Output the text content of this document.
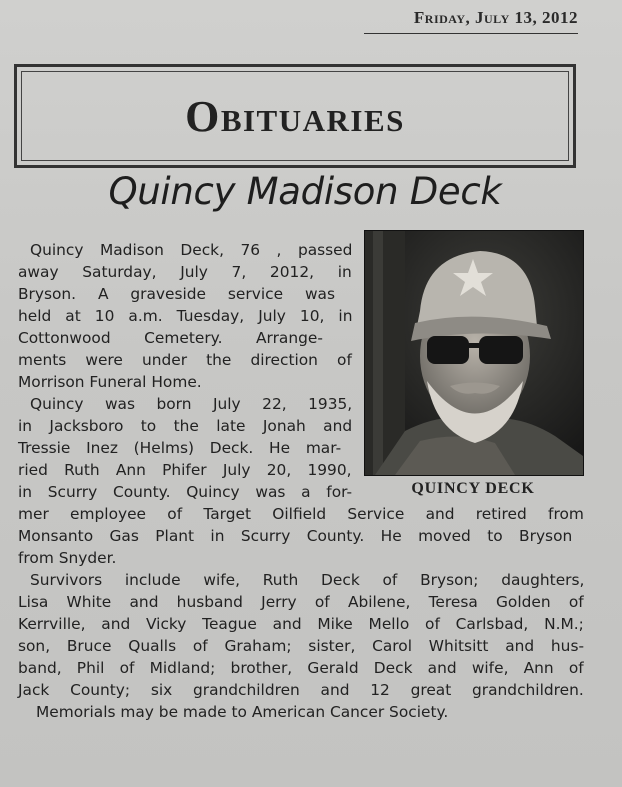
Friday, July 13, 2012
Obituaries
Quincy Madison Deck
QUINCY DECK
Quincy Madison Deck, 76 , passed
away Saturday, July 7, 2012, in
Bryson. A graveside service was
held at 10 a.m. Tuesday, July 10, in
Cottonwood Cemetery. Arrange-
ments were under the direction of
Morrison Funeral Home.
Quincy was born July 22, 1935,
in Jacksboro to the late Jonah and
Tressie Inez (Helms) Deck. He mar-
ried Ruth Ann Phifer July 20, 1990,
in Scurry County. Quincy was a for-
mer employee of Target Oilfield Service and retired from
Monsanto Gas Plant in Scurry County. He moved to Bryson
from Snyder.
Survivors include wife, Ruth Deck of Bryson; daughters,
Lisa White and husband Jerry of Abilene, Teresa Golden of
Kerrville, and Vicky Teague and Mike Mello of Carlsbad, N.M.;
son, Bruce Qualls of Graham; sister, Carol Whitsitt and hus-
band, Phil of Midland; brother, Gerald Deck and wife, Ann of
Jack County; six grandchildren and 12 great grandchildren.
Memorials may be made to American Cancer Society.
